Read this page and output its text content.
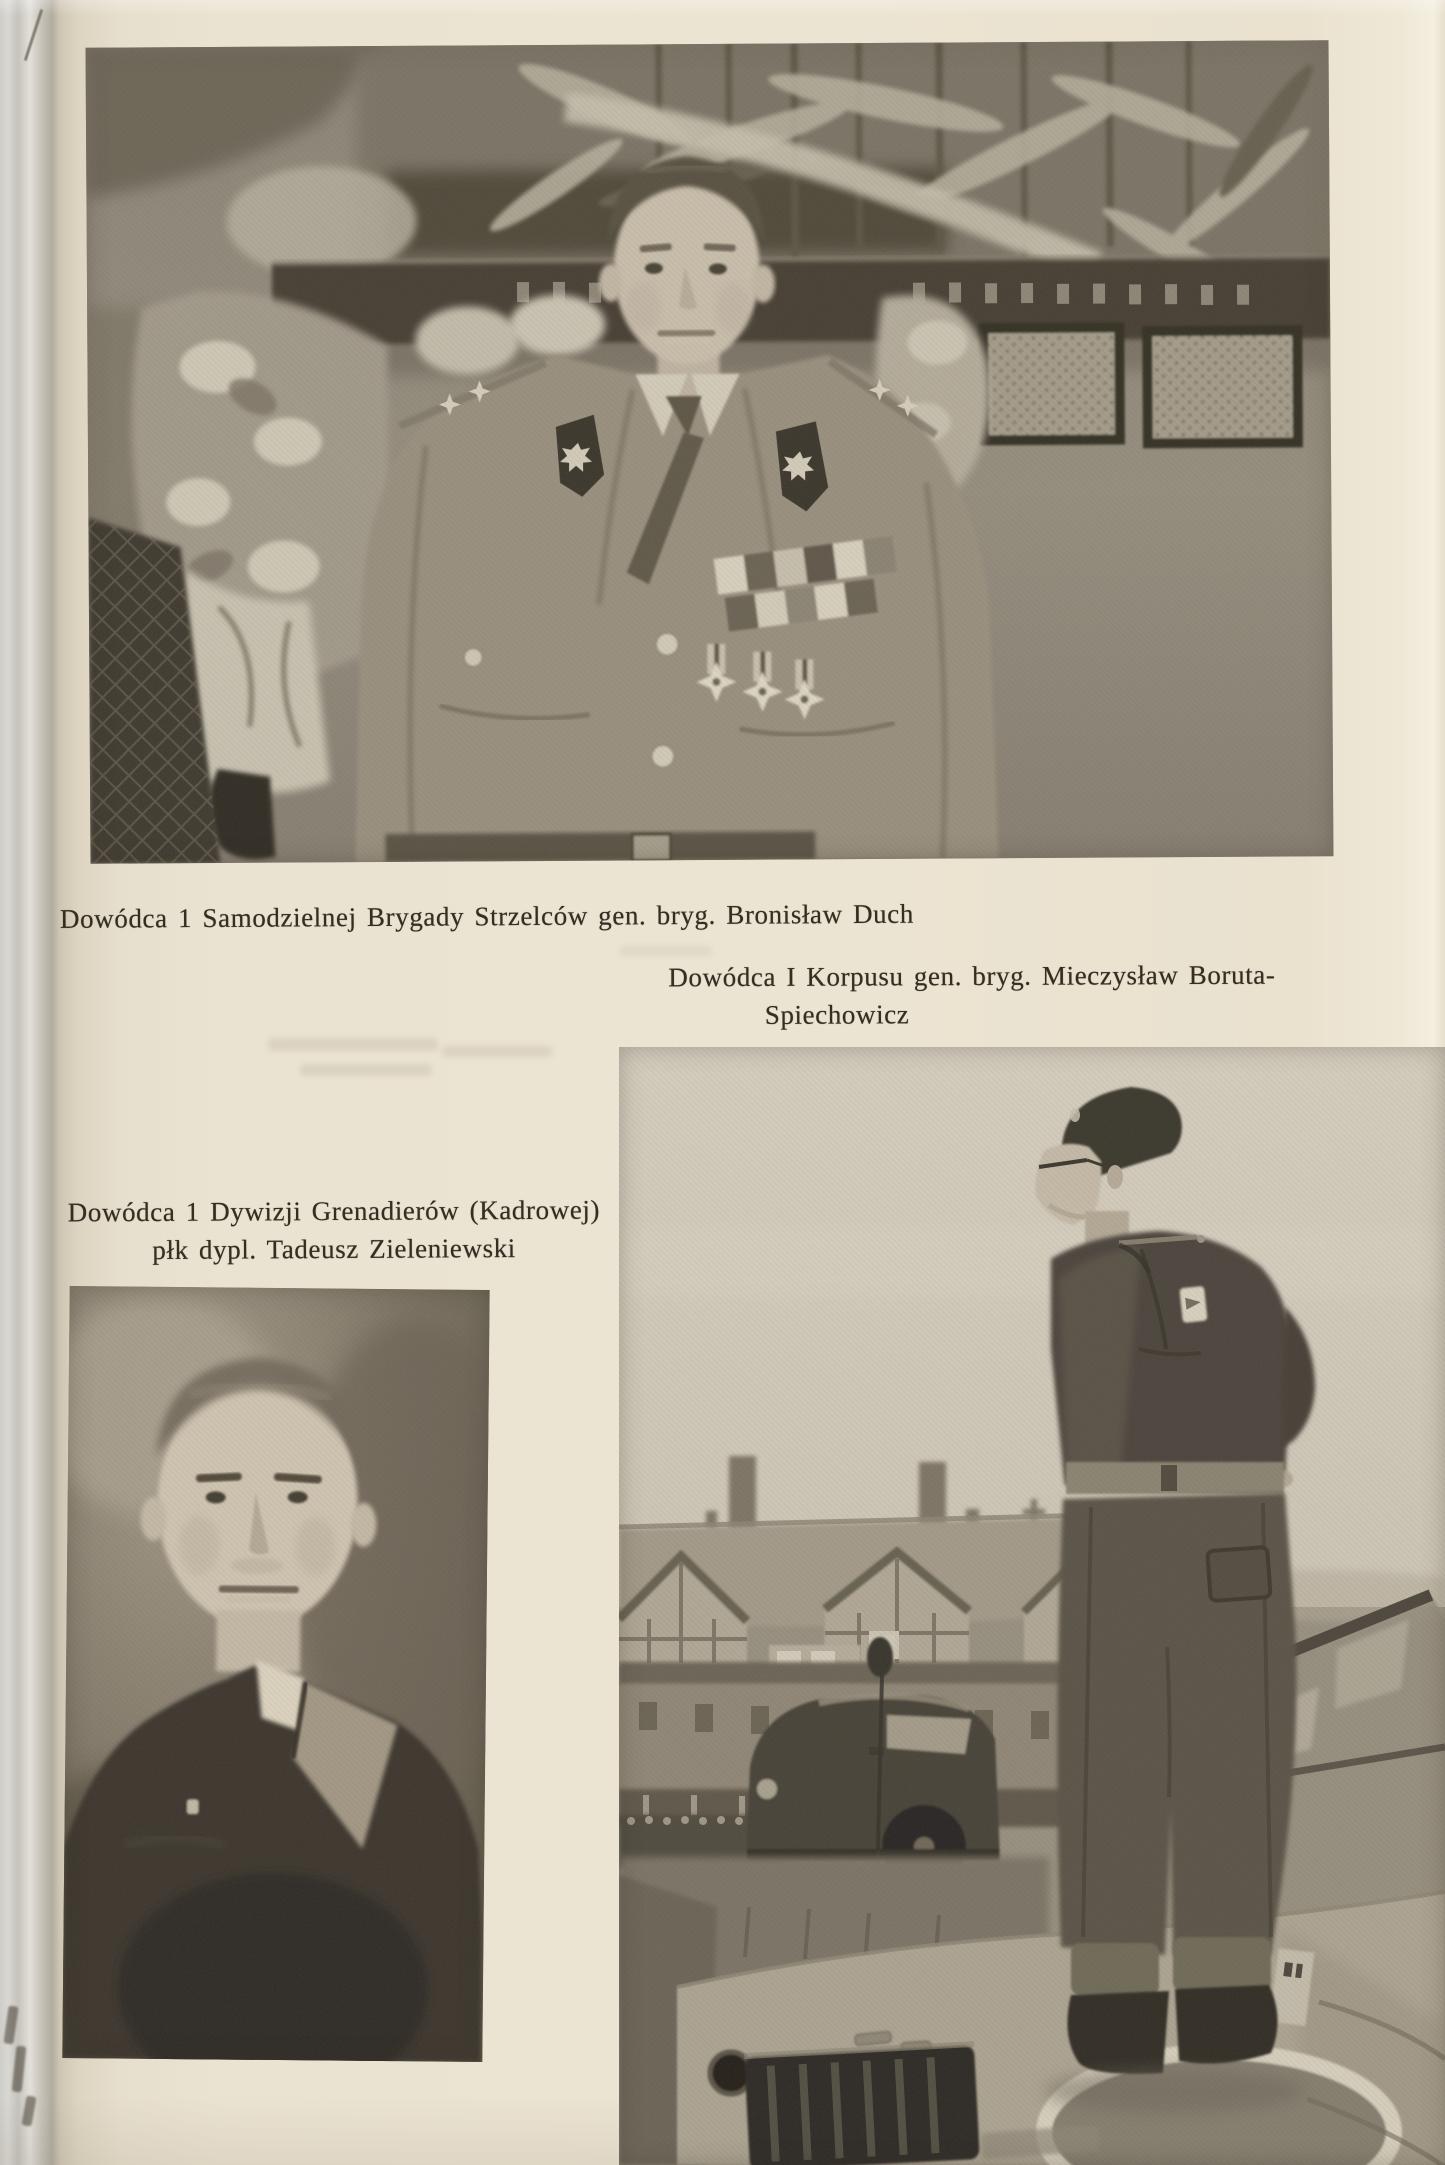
Dowódca 1 Samodzielnej Brygady Strzelców gen. bryg. Bronisław Duch
Dowódca I Korpusu gen. bryg. Mieczysław Boruta-
Spiechowicz
Dowódca 1 Dywizji Grenadierów (Kadrowej)
płk dypl. Tadeusz Zieleniewski
